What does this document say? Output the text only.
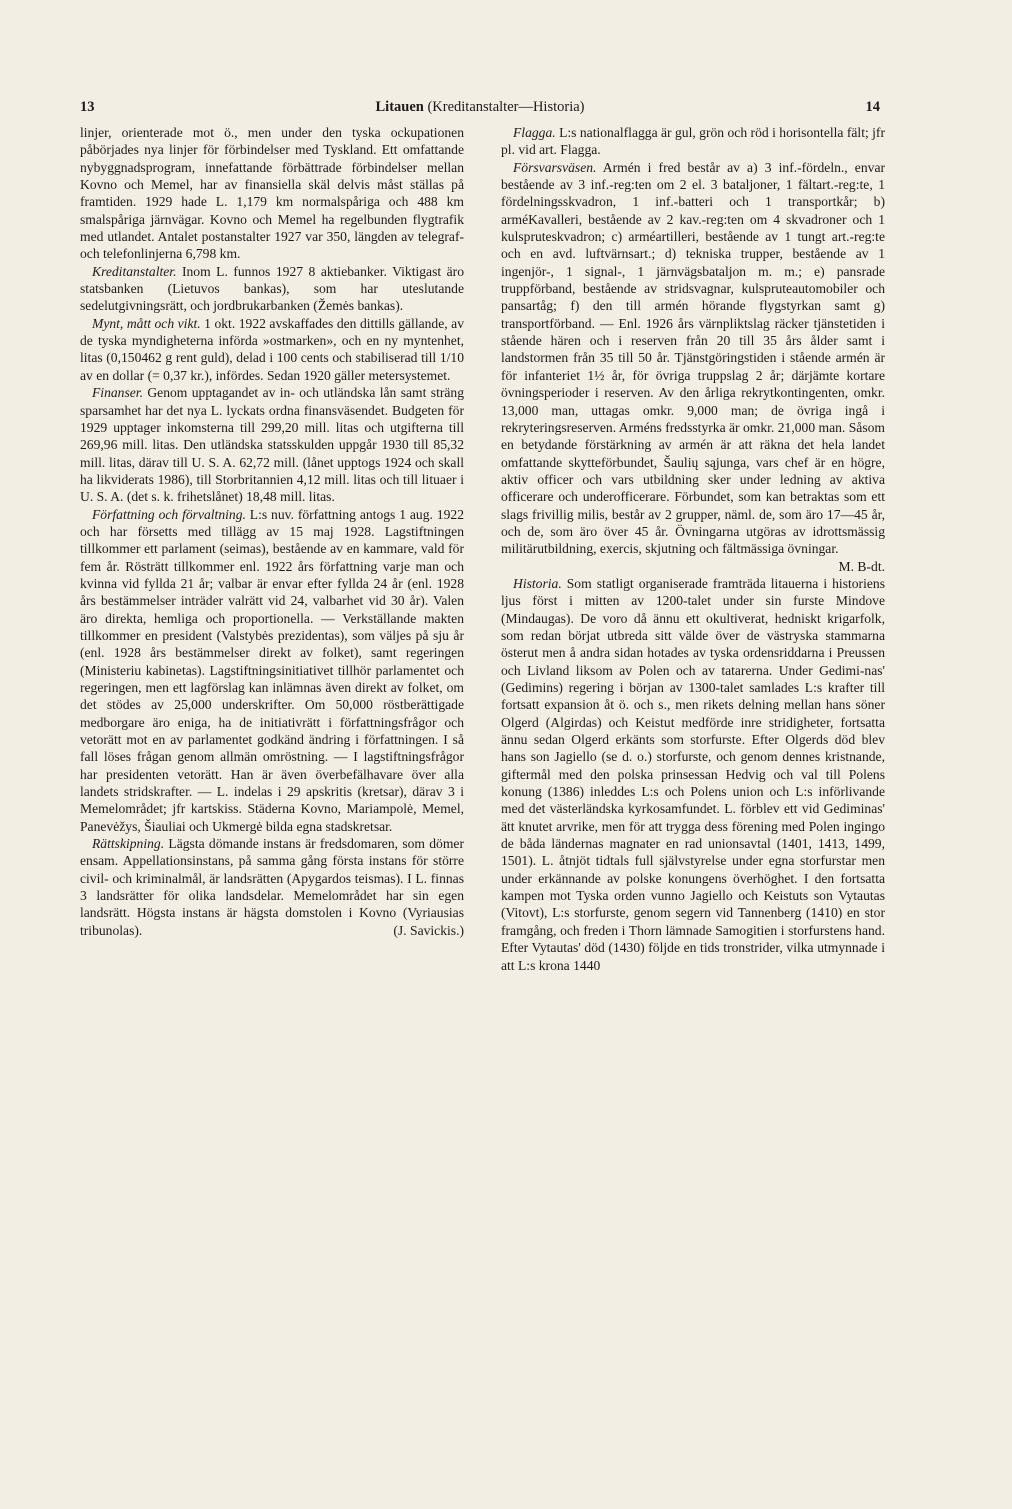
13	Litauen (Kreditanstalter—Historia)	14

linjer, orienterade mot ö., men under den tyska ockupationen påbörjades nya linjer för förbindelser med Tyskland. Ett omfattande nybyggnadsprogram, innefattande förbättrade förbindelser mellan Kovno och Memel, har av finansiella skäl delvis måst ställas på framtiden. 1929 hade L. 1,179 km normalspåriga och 488 km smalspåriga järnvägar. Kovno och Memel ha regelbunden flygtrafik med utlandet. Antalet postanstalter 1927 var 350, längden av telegraf- och telefonlinjerna 6,798 km.

Kreditanstalter. Inom L. funnos 1927 8 aktiebanker. Viktigast äro statsbanken (Lietuvos bankas), som har uteslutande sedelutgivningsrätt, och jordbrukarbanken (Žemės bankas).

Mynt, mått och vikt. 1 okt. 1922 avskaffades den dittills gällande, av de tyska myndigheterna införda »ostmarken», och en ny myntenhet, litas (0,150462 g rent guld), delad i 100 cents och stabiliserad till 1/10 av en dollar (= 0,37 kr.), infördes. Sedan 1920 gäller metersystemet.

Finanser. Genom upptagandet av in- och utländska lån samt sträng sparsamhet har det nya L. lyckats ordna finansväsendet. Budgeten för 1929 upptager inkomsterna till 299,20 mill. litas och utgifterna till 269,96 mill. litas. Den utländska statsskulden uppgår 1930 till 85,32 mill. litas, därav till U. S. A. 62,72 mill. (lånet upptogs 1924 och skall ha likviderats 1986), till Storbritannien 4,12 mill. litas och till lituaer i U. S. A. (det s. k. frihetslånet) 18,48 mill. litas.

Författning och förvaltning. L:s nuv. författning antogs 1 aug. 1922 och har försetts med tillägg av 15 maj 1928. Lagstiftningen tillkommer ett parlament (seimas), bestående av en kammare, vald för fem år. Rösträtt tillkommer enl. 1922 års författning varje man och kvinna vid fyllda 21 år; valbar är envar efter fyllda 24 år (enl. 1928 års bestämmelser inträder valrätt vid 24, valbarhet vid 30 år). Valen äro direkta, hemliga och proportionella. — Verkställande makten tillkommer en president (Valstybės prezidentas), som väljes på sju år (enl. 1928 års bestämmelser direkt av folket), samt regeringen (Ministeriu kabinetas). Lagstiftningsinitiativet tillhör parlamentet och regeringen, men ett lagförslag kan inlämnas även direkt av folket, om det stödes av 25,000 underskrifter. Om 50,000 röstberättigade medborgare äro eniga, ha de initiativrätt i författningsfrågor och vetorätt mot en av parlamentet godkänd ändring i författningen. I så fall löses frågan genom allmän omröstning. — I lagstiftningsfrågor har presidenten vetorätt. Han är även överbefälhavare över alla landets stridskrafter. — L. indelas i 29 apskritis (kretsar), därav 3 i Memelområdet; jfr kartskiss. Städerna Kovno, Mariampolė, Memel, Panevėžys, Šiauliai och Ukmergė bilda egna stadskretsar.

Rättskipning. Lägsta dömande instans är fredsdomaren, som dömer ensam. Appellationsinstans, på samma gång första instans för större civil- och kriminalmål, är landsrätten (Apygardos teismas). I L. finnas 3 landsrätter för olika landsdelar. Memelområdet har sin egen landsrätt. Högsta instans är hägsta domstolen i Kovno (Vyriausias tribunolas).	(J. Savickis.)

Flagga. L:s nationalflagga är gul, grön och röd i horisontella fält; jfr pl. vid art. Flagga.

Försvarsväsen. Armén i fred består av a) 3 inf.-fördeln., envar bestående av 3 inf.-reg:ten om 2 el. 3 bataljoner, 1 fältart.-reg:te, 1 fördelningsskvadron, 1 inf.-batteri och 1 transportkår; b) arméKavalleri, bestående av 2 kav.-reg:ten om 4 skvadroner och 1 kulspruteskvadron; c) arméartilleri, bestående av 1 tungt art.-reg:te och en avd. luftvärnsart.; d) tekniska trupper, bestående av 1 ingenjör-, 1 signal-, 1 järnvägsbataljon m. m.; e) pansrade truppförband, bestående av stridsvagnar, kulspruteautomobiler och pansartåg; f) den till armén hörande flygstyrkan samt g) transportförband. — Enl. 1926 års värnpliktslag räcker tjänstetiden i stående hären och i reserven från 20 till 35 års ålder samt i landstormen från 35 till 50 år. Tjänstgöringstiden i stående armén är för infanteriet 1½ år, för övriga truppslag 2 år; därjämte kortare övningsperioder i reserven. Av den årliga rekrytkontingenten, omkr. 13,000 man, uttagas omkr. 9,000 man; de övriga ingå i rekryteringsreserven. Arméns fredsstyrka är omkr. 21,000 man. Såsom en betydande förstärkning av armén är att räkna det hela landet omfattande skytteförbundet, Šaulių sąjunga, vars chef är en högre, aktiv officer och vars utbildning sker under ledning av aktiva officerare och underofficerare. Förbundet, som kan betraktas som ett slags frivillig milis, består av 2 grupper, näml. de, som äro 17—45 år, och de, som äro över 45 år. Övningarna utgöras av idrottsmässig militärutbildning, exercis, skjutning och fältmässiga övningar.
M. B-dt.

Historia. Som statligt organiserade framträda litauerna i historiens ljus först i mitten av 1200-talet under sin furste Mindove (Mindaugas). De voro då ännu ett okultiverat, hedniskt krigarfolk, som redan börjat utbreda sitt välde över de västryska stammarna österut men å andra sidan hotades av tyska ordensriddarna i Preussen och Livland liksom av Polen och av tatarerna. Under Gedimi-nas' (Gedimins) regering i början av 1300-talet samlades L:s krafter till fortsatt expansion åt ö. och s., men rikets delning mellan hans söner Olgerd (Algirdas) och Keistut medförde inre stridigheter, fortsatta ännu sedan Olgerd erkänts som storfurste. Efter Olgerds död blev hans son Jagiello (se d. o.) storfurste, och genom dennes kristnande, giftermål med den polska prinsessan Hedvig och val till Polens konung (1386) inleddes L:s och Polens union och L:s införlivande med det västerländska kyrkosamfundet. L. förblev ett vid Gediminas' ätt knutet arvrike, men för att trygga dess förening med Polen ingingo de båda ländernas magnater en rad unionsavtal (1401, 1413, 1499, 1501). L. åtnjöt tidtals full självstyrelse under egna storfurstar men under erkännande av polske konungens överhöghet. I den fortsatta kampen mot Tyska orden vunno Jagiello och Keistuts son Vytautas (Vitovt), L:s storfurste, genom segern vid Tannenberg (1410) en stor framgång, och freden i Thorn lämnade Samogitien i storfurstens hand. Efter Vytautas' död (1430) följde en tids tronstrider, vilka utmynnade i att L:s krona 1440
